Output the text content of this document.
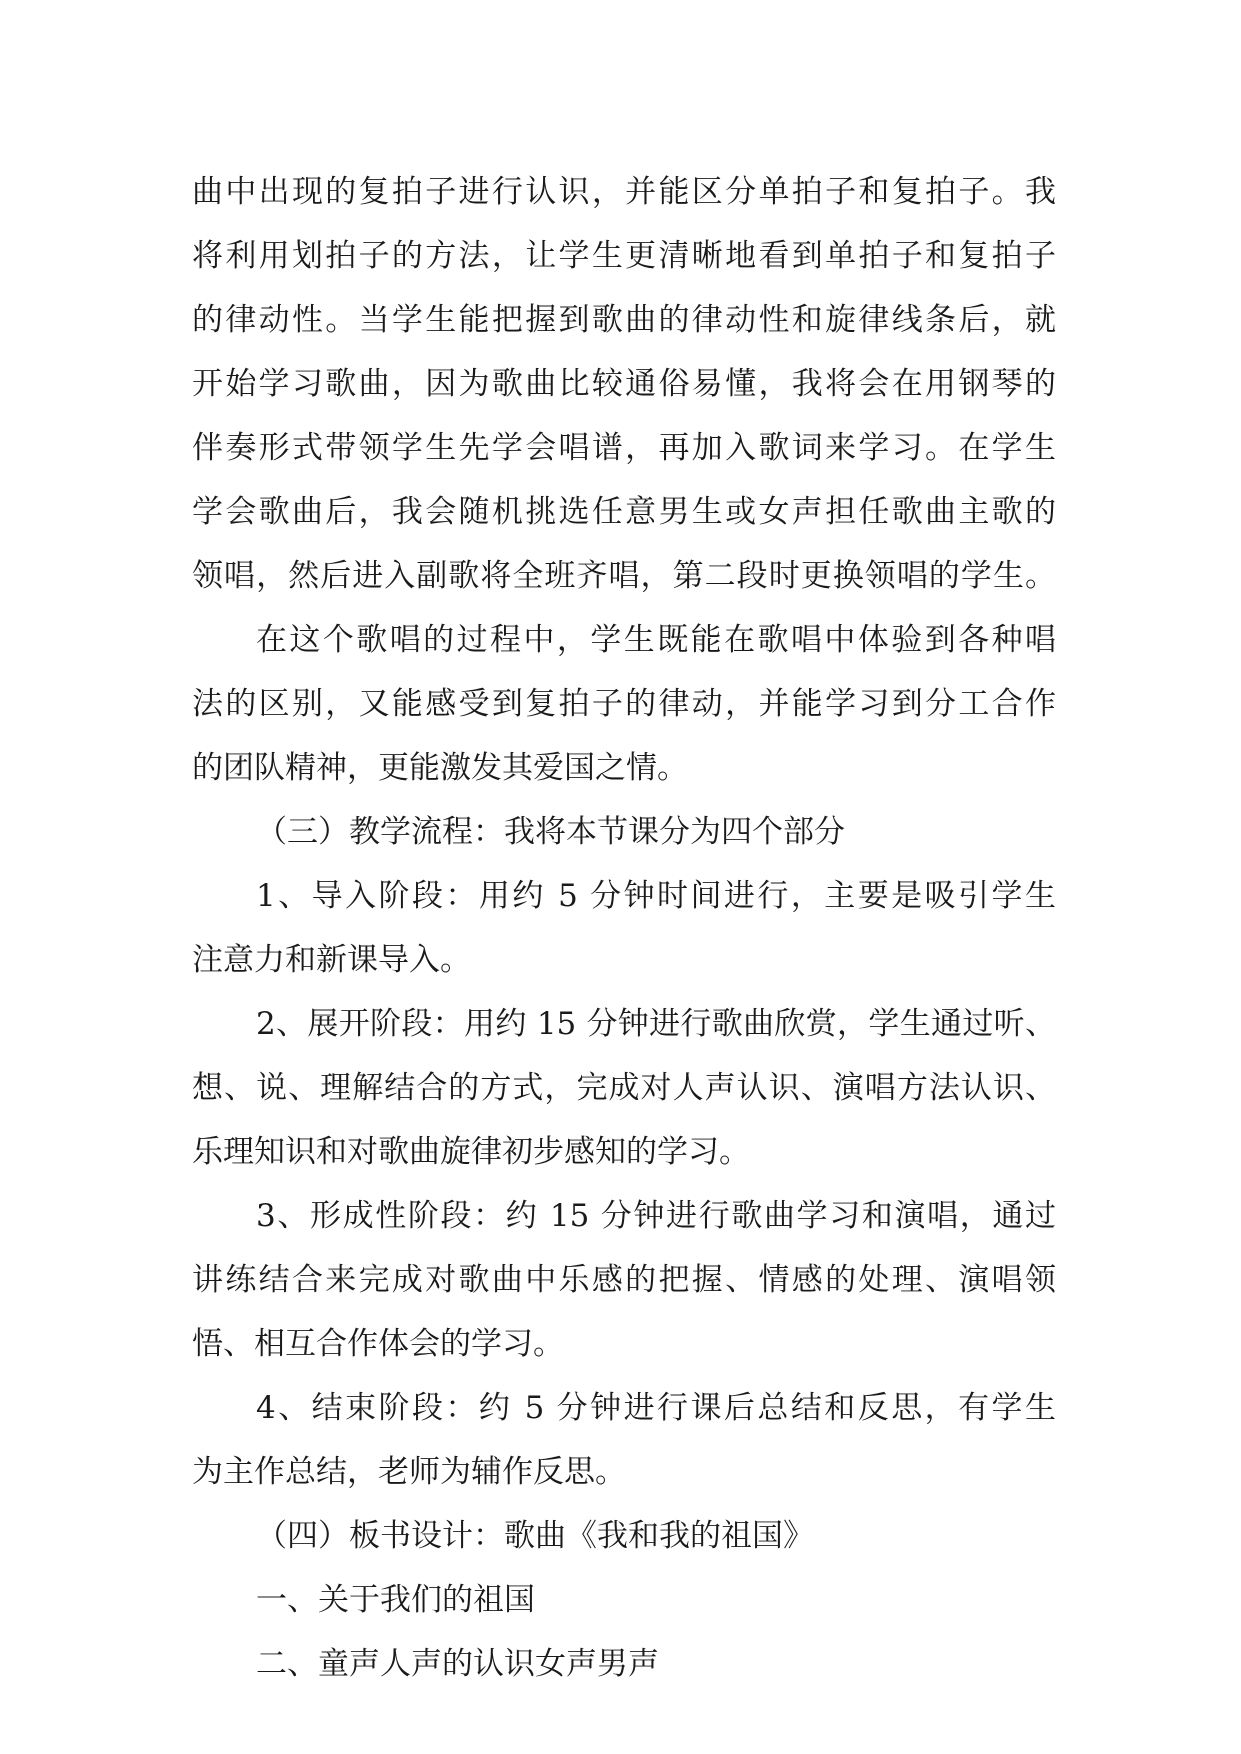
曲中出现的复拍子进行认识，并能区分单拍子和复拍子。我
将利用划拍子的方法，让学生更清晰地看到单拍子和复拍子
的律动性。当学生能把握到歌曲的律动性和旋律线条后，就
开始学习歌曲，因为歌曲比较通俗易懂，我将会在用钢琴的
伴奏形式带领学生先学会唱谱，再加入歌词来学习。在学生
学会歌曲后，我会随机挑选任意男生或女声担任歌曲主歌的
领唱，然后进入副歌将全班齐唱，第二段时更换领唱的学生。
在这个歌唱的过程中，学生既能在歌唱中体验到各种唱
法的区别，又能感受到复拍子的律动，并能学习到分工合作
的团队精神，更能激发其爱国之情。
（三）教学流程：我将本节课分为四个部分
1、导入阶段：用约 5 分钟时间进行，主要是吸引学生
注意力和新课导入。
2、展开阶段：用约 15 分钟进行歌曲欣赏，学生通过听、
想、说、理解结合的方式，完成对人声认识、演唱方法认识、
乐理知识和对歌曲旋律初步感知的学习。
3、形成性阶段：约 15 分钟进行歌曲学习和演唱，通过
讲练结合来完成对歌曲中乐感的把握、情感的处理、演唱领
悟、相互合作体会的学习。
4、结束阶段：约 5 分钟进行课后总结和反思，有学生
为主作总结，老师为辅作反思。
（四）板书设计：歌曲《我和我的祖国》
一、关于我们的祖国
二、童声人声的认识女声男声
